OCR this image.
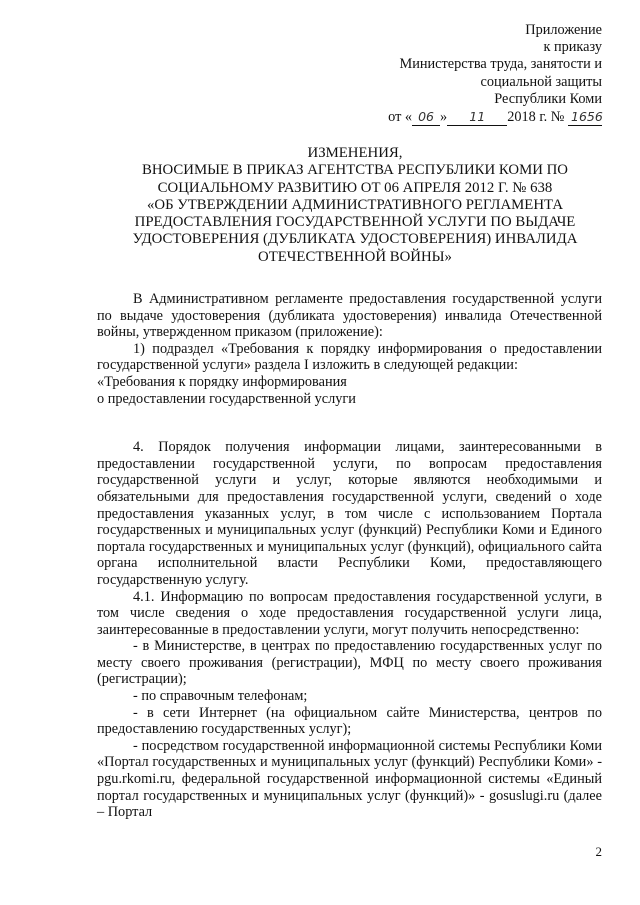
Приложение
к приказу
Министерства труда, занятости и
социальной защиты
Республики Коми
от « 06 » 11 2018 г. № 1656
ИЗМЕНЕНИЯ,
ВНОСИМЫЕ В ПРИКАЗ АГЕНТСТВА РЕСПУБЛИКИ КОМИ ПО
СОЦИАЛЬНОМУ РАЗВИТИЮ ОТ 06 АПРЕЛЯ 2012 Г. № 638
«ОБ УТВЕРЖДЕНИИ АДМИНИСТРАТИВНОГО РЕГЛАМЕНТА
ПРЕДОСТАВЛЕНИЯ ГОСУДАРСТВЕННОЙ УСЛУГИ ПО ВЫДАЧЕ
УДОСТОВЕРЕНИЯ (ДУБЛИКАТА УДОСТОВЕРЕНИЯ) ИНВАЛИДА
ОТЕЧЕСТВЕННОЙ ВОЙНЫ»

В Административном регламенте предоставления государственной услуги по выдаче удостоверения (дубликата удостоверения) инвалида Отечественной войны, утвержденном приказом (приложение):

1) подраздел «Требования к порядку информирования о предоставлении государственной услуги» раздела I изложить в следующей редакции:

«Требования к порядку информирования

о предоставлении государственной услуги

4. Порядок получения информации лицами, заинтересованными в предоставлении государственной услуги, по вопросам предоставления государственной услуги и услуг, которые являются необходимыми и обязательными для предоставления государственной услуги, сведений о ходе предоставления указанных услуг, в том числе с использованием Портала государственных и муниципальных услуг (функций) Республики Коми и Единого портала государственных и муниципальных услуг (функций), официального сайта органа исполнительной власти Республики Коми, предоставляющего государственную услугу.

4.1. Информацию по вопросам предоставления государственной услуги, в том числе сведения о ходе предоставления государственной услуги лица, заинтересованные в предоставлении услуги, могут получить непосредственно:

- в Министерстве, в центрах по предоставлению государственных услуг по месту своего проживания (регистрации), МФЦ по месту своего проживания (регистрации);

- по справочным телефонам;

- в сети Интернет (на официальном сайте Министерства, центров по предоставлению государственных услуг);

- посредством государственной информационной системы Республики Коми «Портал государственных и муниципальных услуг (функций) Республики Коми» - pgu.rkomi.ru, федеральной государственной информационной системы «Единый портал государственных и муниципальных услуг (функций)» - gosuslugi.ru (далее – Портал

2
